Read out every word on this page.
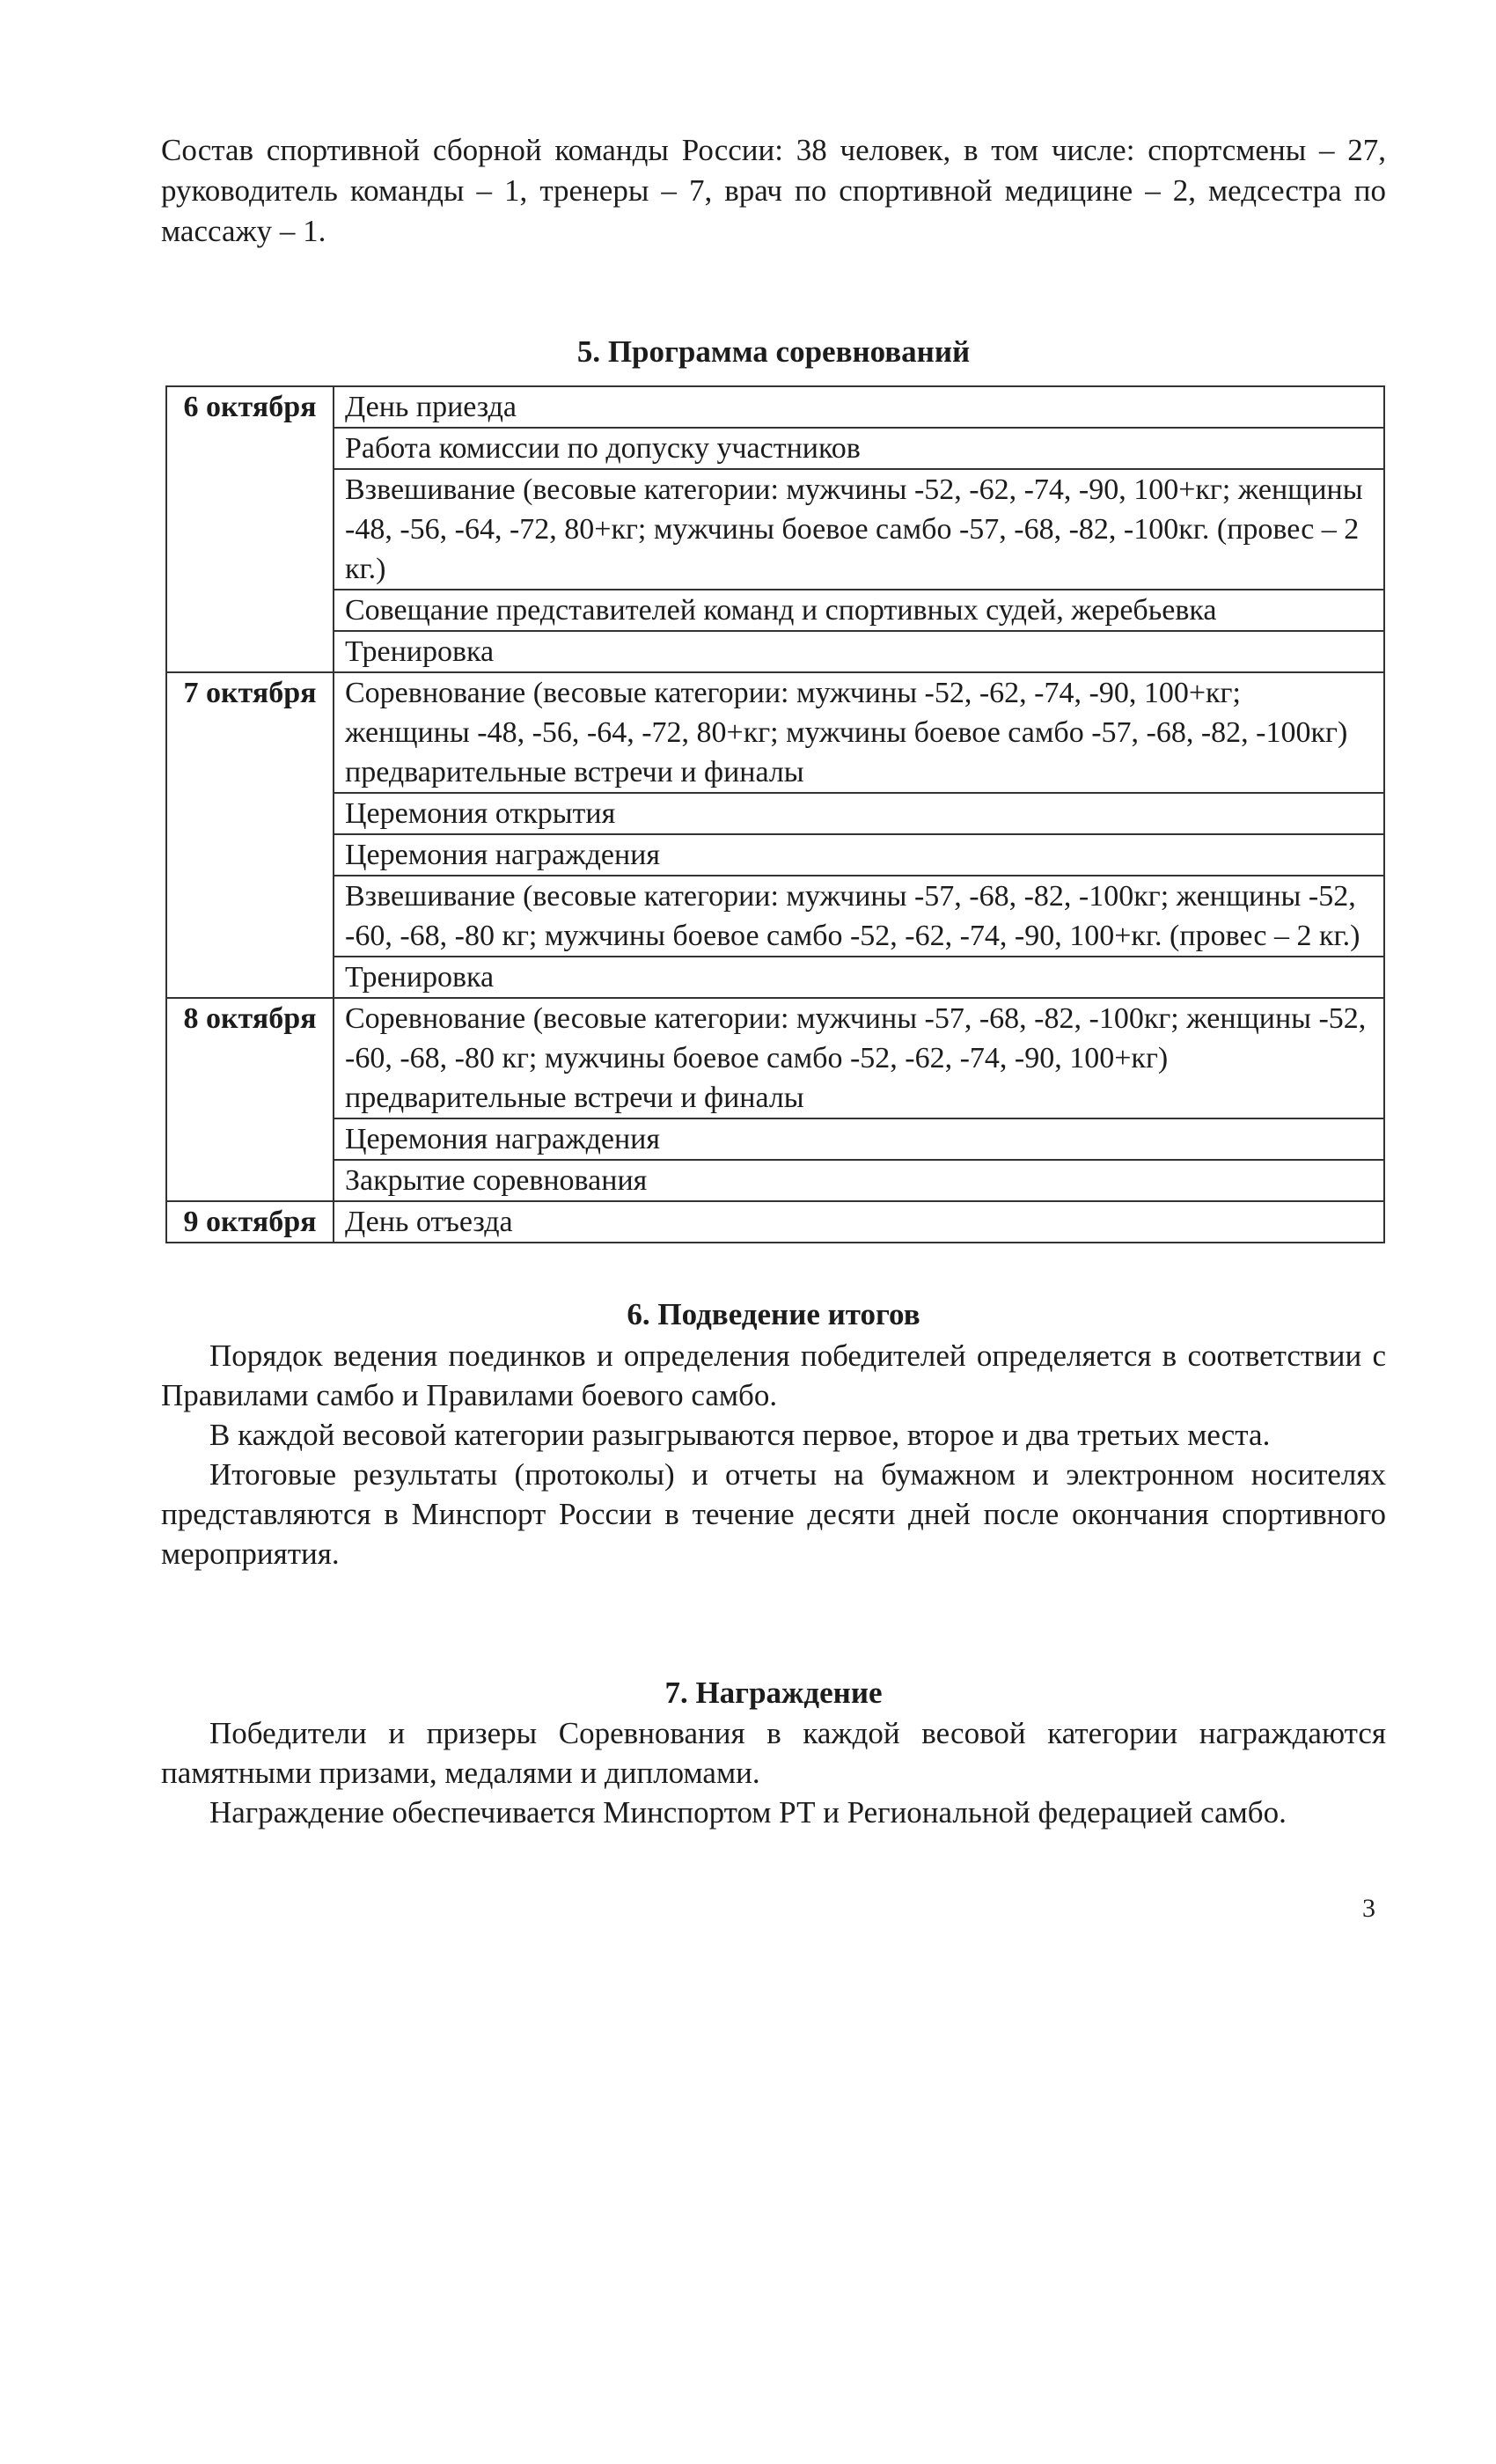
Состав спортивной сборной команды России: 38 человек, в том числе: спортсмены – 27, руководитель команды – 1, тренеры – 7, врач по спортивной медицине – 2, медсестра по массажу – 1.

5. Программа соревнований
6 октября	День приезда
	Работа комиссии по допуску участников
	Взвешивание (весовые категории: мужчины -52, -62, -74, -90, 100+кг; женщины -48, -56, -64, -72, 80+кг; мужчины боевое самбо -57, -68, -82, -100кг. (провес – 2 кг.)
	Совещание представителей команд и спортивных судей, жеребьевка
	Тренировка
7 октября	Соревнование (весовые категории: мужчины -52, -62, -74, -90, 100+кг; женщины -48, -56, -64, -72, 80+кг; мужчины боевое самбо -57, -68, -82, -100кг) предварительные встречи и финалы
	Церемония открытия
	Церемония награждения
	Взвешивание (весовые категории: мужчины -57, -68, -82, -100кг; женщины -52, -60, -68, -80 кг; мужчины боевое самбо -52, -62, -74, -90, 100+кг. (провес – 2 кг.)
	Тренировка
8 октября	Соревнование (весовые категории: мужчины -57, -68, -82, -100кг; женщины -52, -60, -68, -80 кг; мужчины боевое самбо -52, -62, -74, -90, 100+кг) предварительные встречи и финалы
	Церемония награждения
	Закрытие соревнования
9 октября	День отъезда
6. Подведение итогов

Порядок ведения поединков и определения победителей определяется в соответствии с Правилами самбо и Правилами боевого самбо.

В каждой весовой категории разыгрываются первое, второе и два третьих места.

Итоговые результаты (протоколы) и отчеты на бумажном и электронном носителях представляются в Минспорт России в течение десяти дней после окончания спортивного мероприятия.

7. Награждение

Победители и призеры Соревнования в каждой весовой категории награждаются памятными призами, медалями и дипломами.

Награждение обеспечивается Минспортом РТ и Региональной федерацией самбо.

3
